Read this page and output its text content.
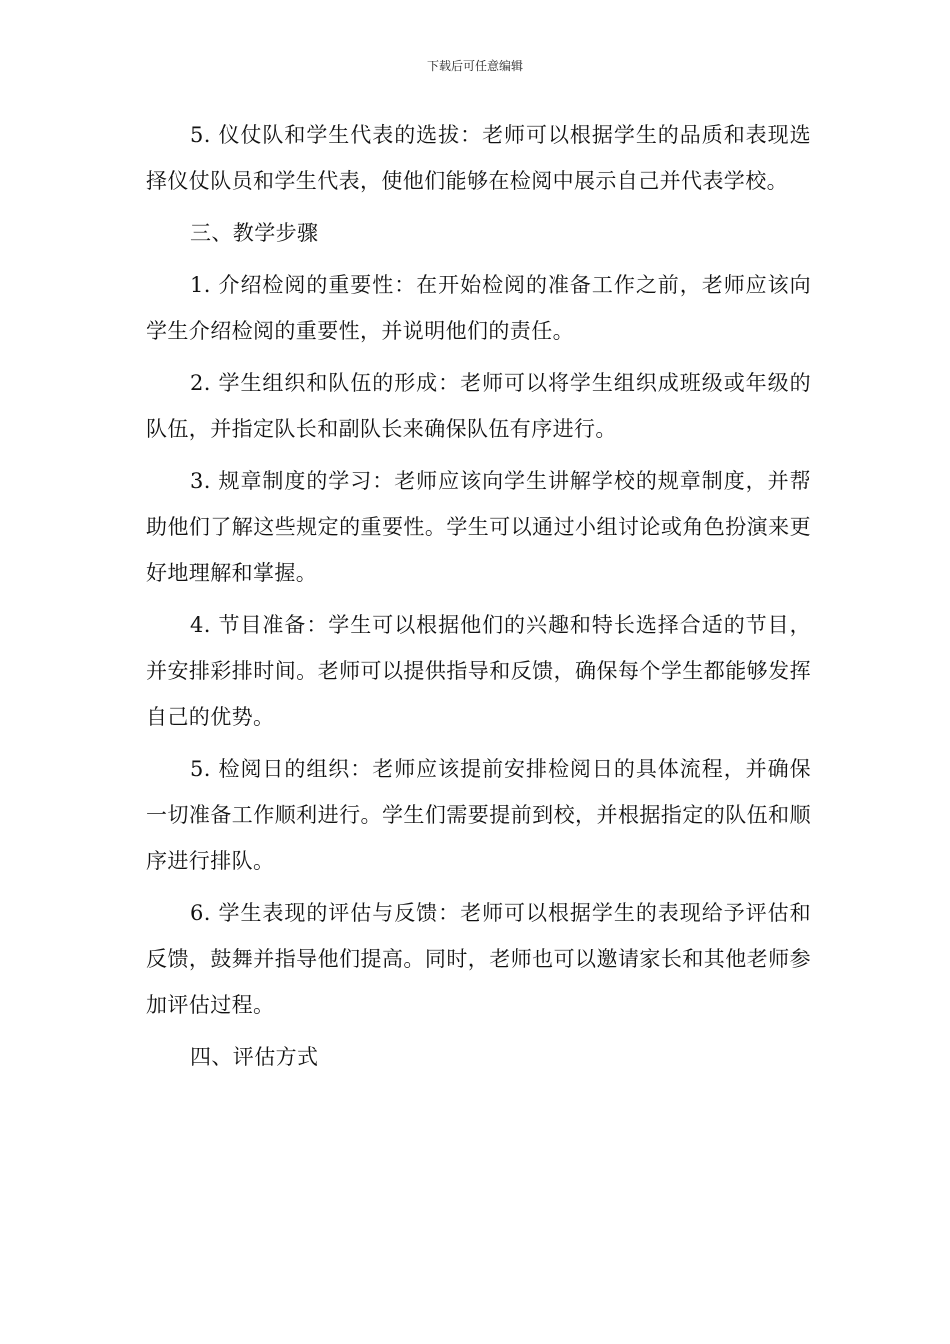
下载后可任意编辑

5. 仪仗队和学生代表的选拔：老师可以根据学生的品质和表现选择仪仗队员和学生代表，使他们能够在检阅中展示自己并代表学校。

三、教学步骤

1. 介绍检阅的重要性：在开始检阅的准备工作之前，老师应该向学生介绍检阅的重要性，并说明他们的责任。

2. 学生组织和队伍的形成：老师可以将学生组织成班级或年级的队伍，并指定队长和副队长来确保队伍有序进行。

3. 规章制度的学习：老师应该向学生讲解学校的规章制度，并帮助他们了解这些规定的重要性。学生可以通过小组讨论或角色扮演来更好地理解和掌握。

4. 节目准备：学生可以根据他们的兴趣和特长选择合适的节目，并安排彩排时间。老师可以提供指导和反馈，确保每个学生都能够发挥自己的优势。

5. 检阅日的组织：老师应该提前安排检阅日的具体流程，并确保一切准备工作顺利进行。学生们需要提前到校，并根据指定的队伍和顺序进行排队。

6. 学生表现的评估与反馈：老师可以根据学生的表现给予评估和反馈，鼓舞并指导他们提高。同时，老师也可以邀请家长和其他老师参加评估过程。

四、评估方式
